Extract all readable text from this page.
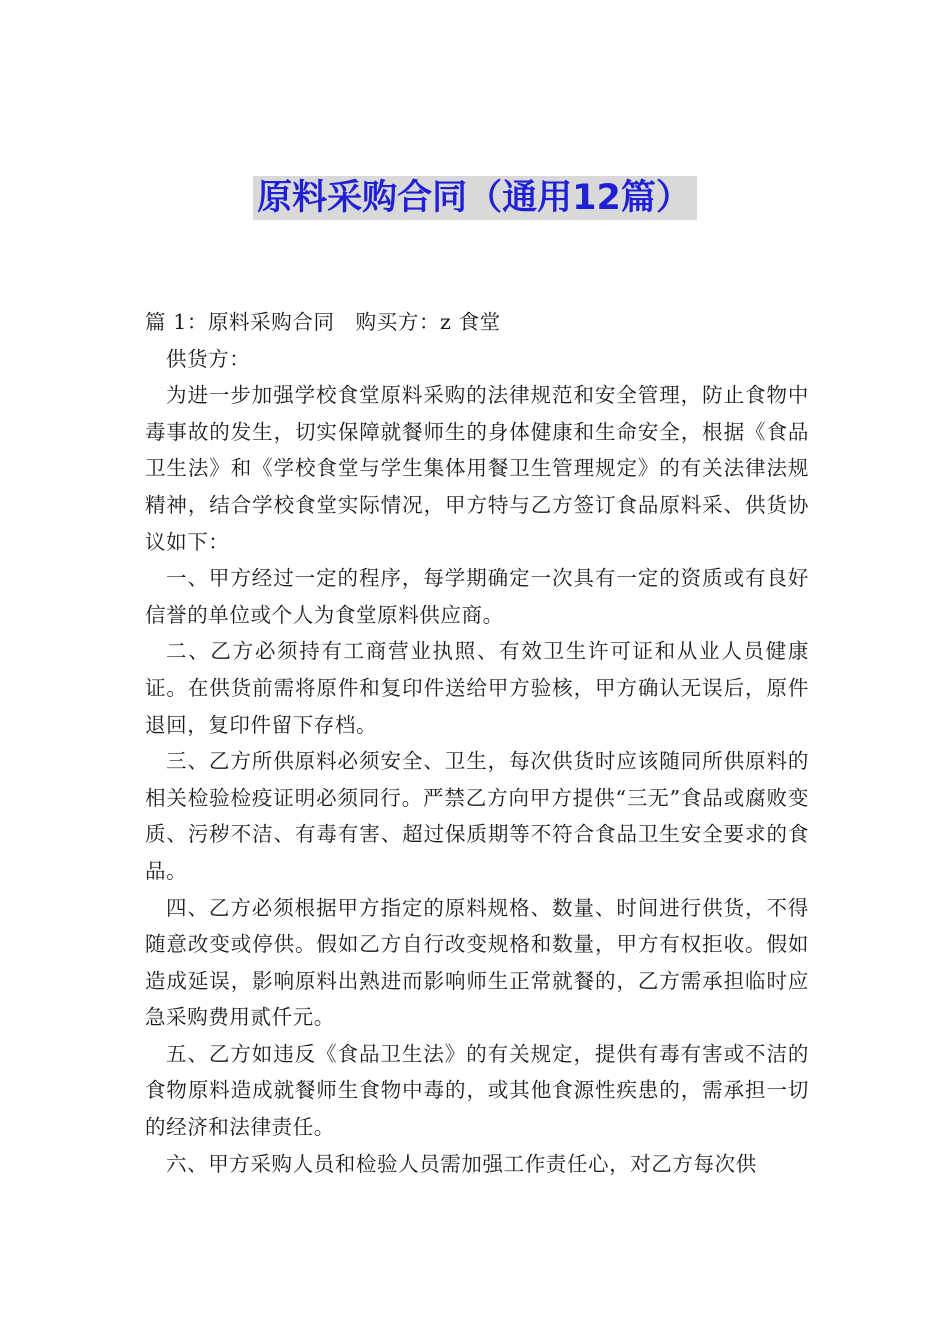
原料采购合同（通用12篇）

篇 1：原料采购合同　购买方：z 食堂

供货方：

为进一步加强学校食堂原料采购的法律规范和安全管理，防止食物中毒事故的发生，切实保障就餐师生的身体健康和生命安全，根据《食品卫生法》和《学校食堂与学生集体用餐卫生管理规定》的有关法律法规精神，结合学校食堂实际情况，甲方特与乙方签订食品原料采、供货协议如下：

一、甲方经过一定的程序，每学期确定一次具有一定的资质或有良好信誉的单位或个人为食堂原料供应商。

二、乙方必须持有工商营业执照、有效卫生许可证和从业人员健康证。在供货前需将原件和复印件送给甲方验核，甲方确认无误后，原件退回，复印件留下存档。

三、乙方所供原料必须安全、卫生，每次供货时应该随同所供原料的相关检验检疫证明必须同行。严禁乙方向甲方提供“三无”食品或腐败变质、污秽不洁、有毒有害、超过保质期等不符合食品卫生安全要求的食品。

四、乙方必须根据甲方指定的原料规格、数量、时间进行供货，不得随意改变或停供。假如乙方自行改变规格和数量，甲方有权拒收。假如造成延误，影响原料出熟进而影响师生正常就餐的，乙方需承担临时应急采购费用贰仟元。

五、乙方如违反《食品卫生法》的有关规定，提供有毒有害或不洁的食物原料造成就餐师生食物中毒的，或其他食源性疾患的，需承担一切的经济和法律责任。

六、甲方采购人员和检验人员需加强工作责任心，对乙方每次供
